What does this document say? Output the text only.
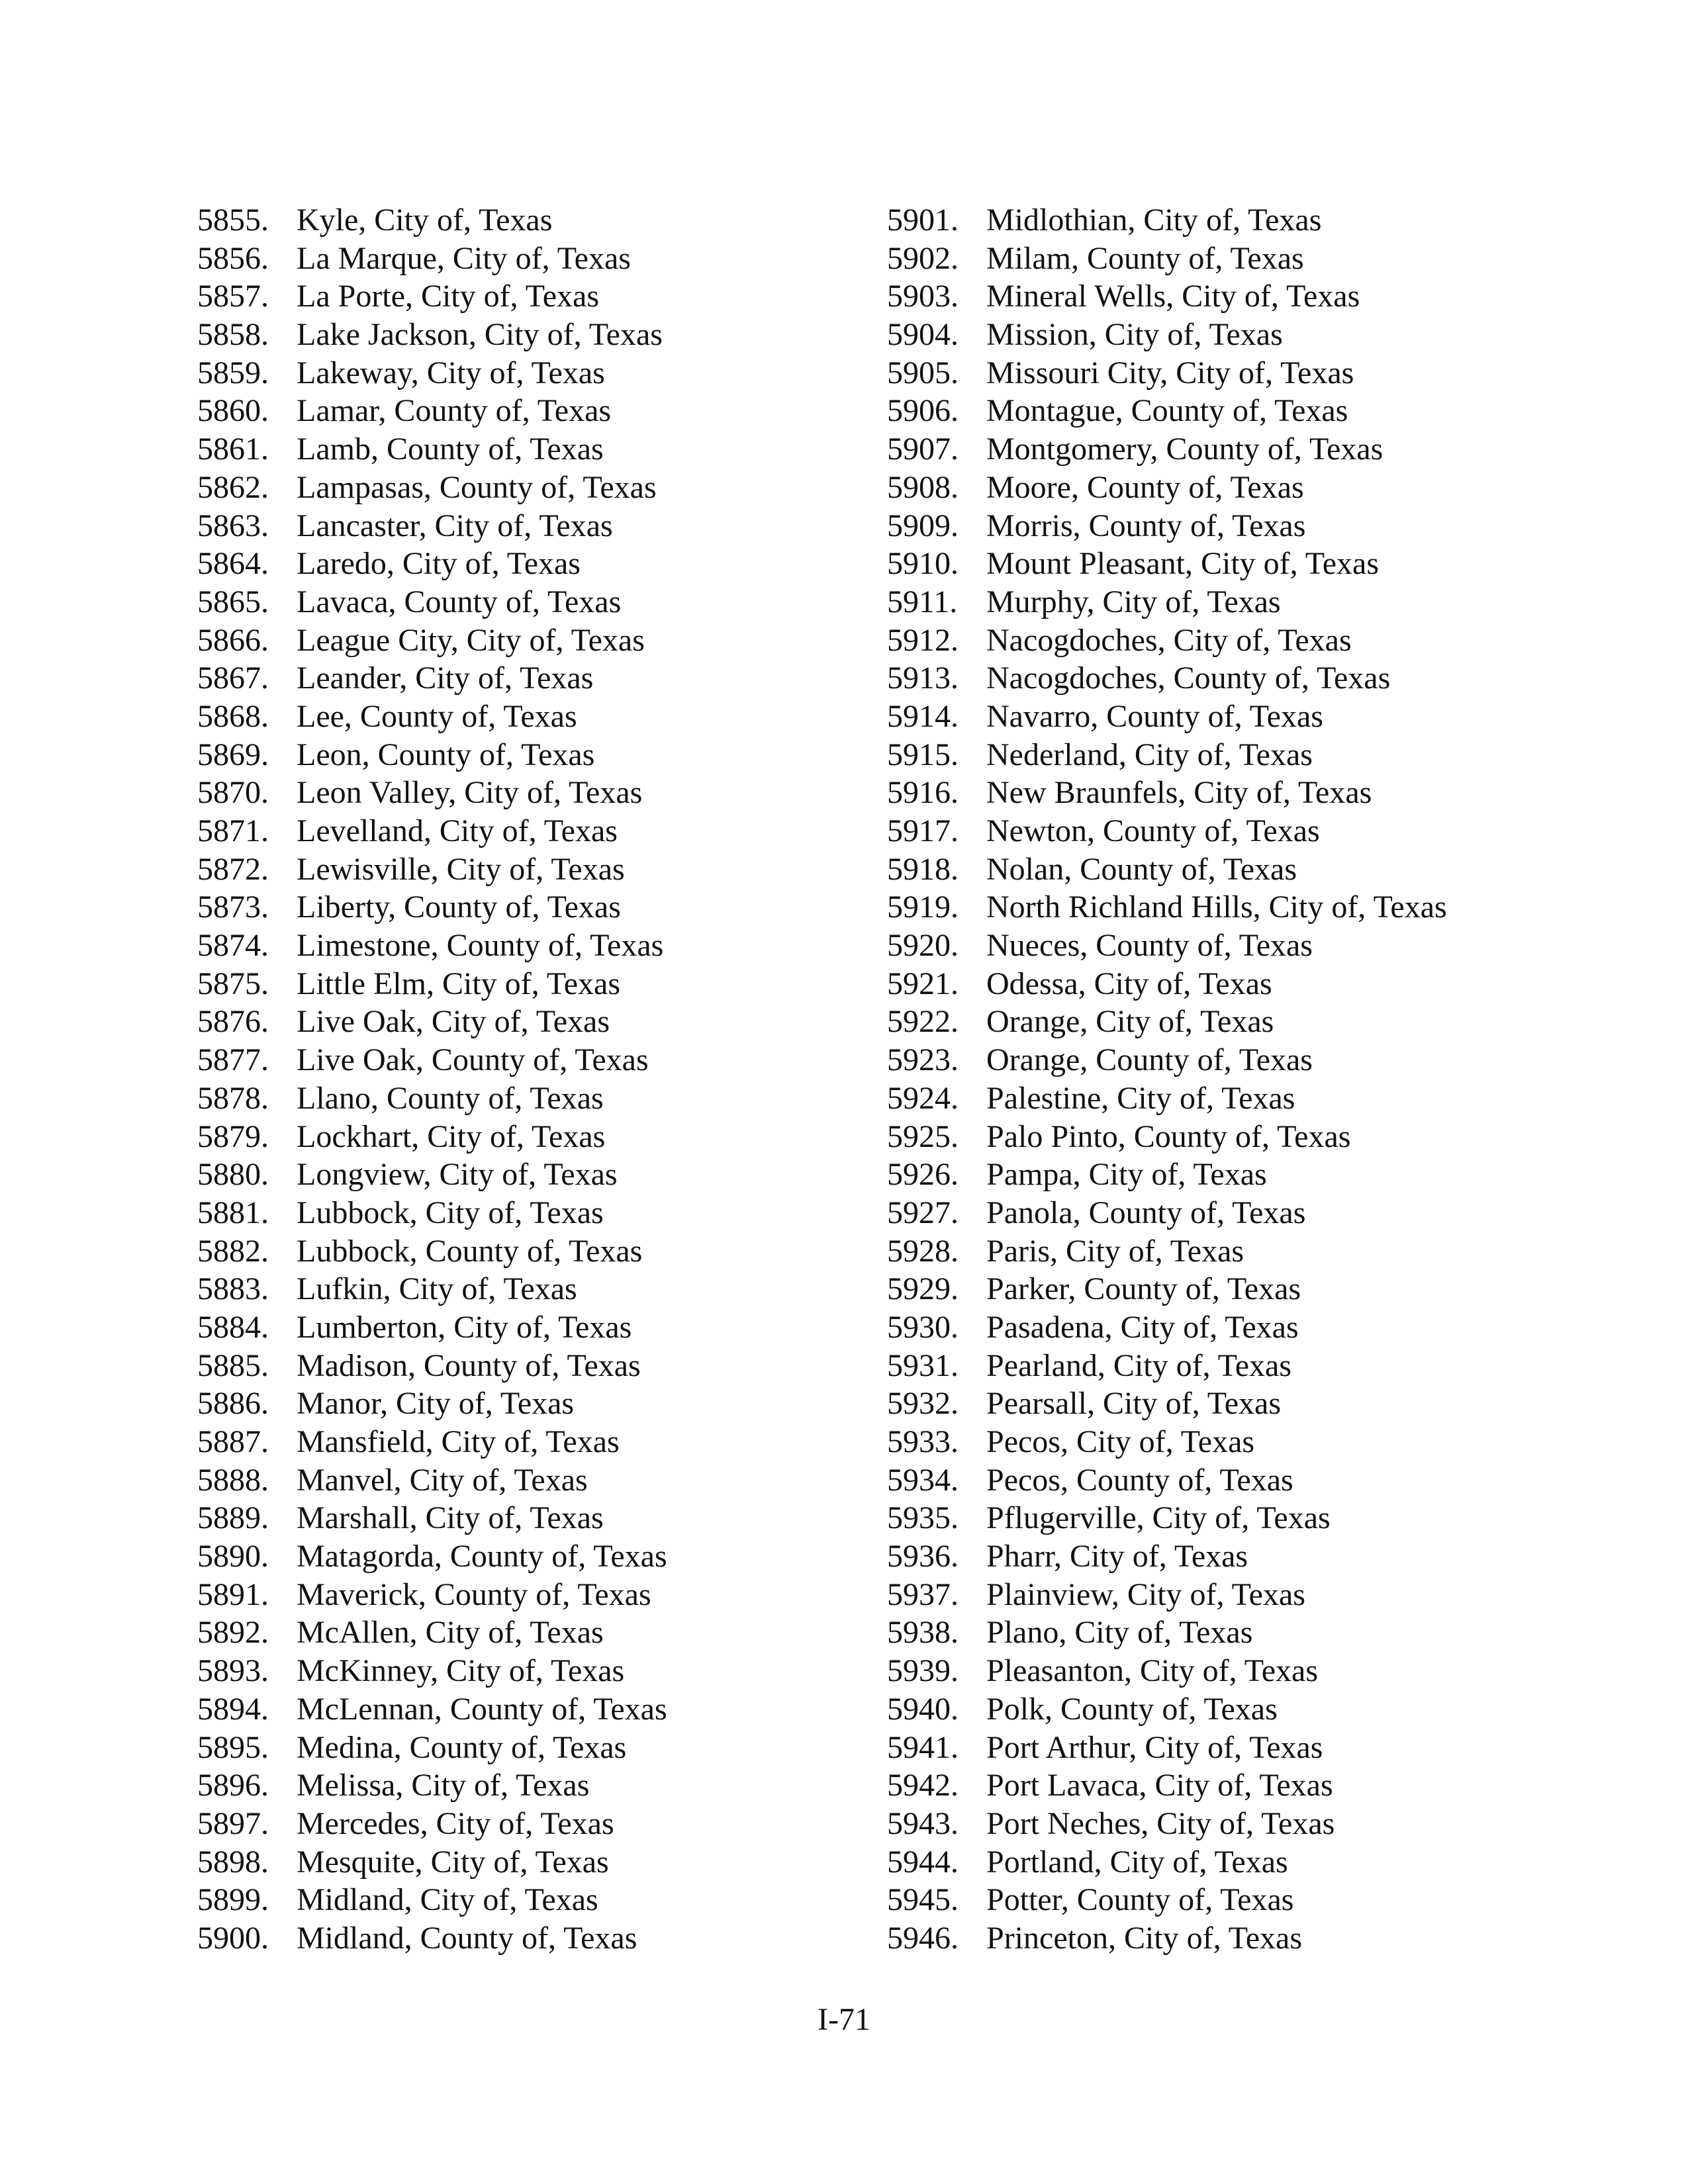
5855. Kyle, City of, Texas
5856. La Marque, City of, Texas
5857. La Porte, City of, Texas
5858. Lake Jackson, City of, Texas
5859. Lakeway, City of, Texas
5860. Lamar, County of, Texas
5861. Lamb, County of, Texas
5862. Lampasas, County of, Texas
5863. Lancaster, City of, Texas
5864. Laredo, City of, Texas
5865. Lavaca, County of, Texas
5866. League City, City of, Texas
5867. Leander, City of, Texas
5868. Lee, County of, Texas
5869. Leon, County of, Texas
5870. Leon Valley, City of, Texas
5871. Levelland, City of, Texas
5872. Lewisville, City of, Texas
5873. Liberty, County of, Texas
5874. Limestone, County of, Texas
5875. Little Elm, City of, Texas
5876. Live Oak, City of, Texas
5877. Live Oak, County of, Texas
5878. Llano, County of, Texas
5879. Lockhart, City of, Texas
5880. Longview, City of, Texas
5881. Lubbock, City of, Texas
5882. Lubbock, County of, Texas
5883. Lufkin, City of, Texas
5884. Lumberton, City of, Texas
5885. Madison, County of, Texas
5886. Manor, City of, Texas
5887. Mansfield, City of, Texas
5888. Manvel, City of, Texas
5889. Marshall, City of, Texas
5890. Matagorda, County of, Texas
5891. Maverick, County of, Texas
5892. McAllen, City of, Texas
5893. McKinney, City of, Texas
5894. McLennan, County of, Texas
5895. Medina, County of, Texas
5896. Melissa, City of, Texas
5897. Mercedes, City of, Texas
5898. Mesquite, City of, Texas
5899. Midland, City of, Texas
5900. Midland, County of, Texas
5901. Midlothian, City of, Texas
5902. Milam, County of, Texas
5903. Mineral Wells, City of, Texas
5904. Mission, City of, Texas
5905. Missouri City, City of, Texas
5906. Montague, County of, Texas
5907. Montgomery, County of, Texas
5908. Moore, County of, Texas
5909. Morris, County of, Texas
5910. Mount Pleasant, City of, Texas
5911. Murphy, City of, Texas
5912. Nacogdoches, City of, Texas
5913. Nacogdoches, County of, Texas
5914. Navarro, County of, Texas
5915. Nederland, City of, Texas
5916. New Braunfels, City of, Texas
5917. Newton, County of, Texas
5918. Nolan, County of, Texas
5919. North Richland Hills, City of, Texas
5920. Nueces, County of, Texas
5921. Odessa, City of, Texas
5922. Orange, City of, Texas
5923. Orange, County of, Texas
5924. Palestine, City of, Texas
5925. Palo Pinto, County of, Texas
5926. Pampa, City of, Texas
5927. Panola, County of, Texas
5928. Paris, City of, Texas
5929. Parker, County of, Texas
5930. Pasadena, City of, Texas
5931. Pearland, City of, Texas
5932. Pearsall, City of, Texas
5933. Pecos, City of, Texas
5934. Pecos, County of, Texas
5935. Pflugerville, City of, Texas
5936. Pharr, City of, Texas
5937. Plainview, City of, Texas
5938. Plano, City of, Texas
5939. Pleasanton, City of, Texas
5940. Polk, County of, Texas
5941. Port Arthur, City of, Texas
5942. Port Lavaca, City of, Texas
5943. Port Neches, City of, Texas
5944. Portland, City of, Texas
5945. Potter, County of, Texas
5946. Princeton, City of, Texas
I-71
